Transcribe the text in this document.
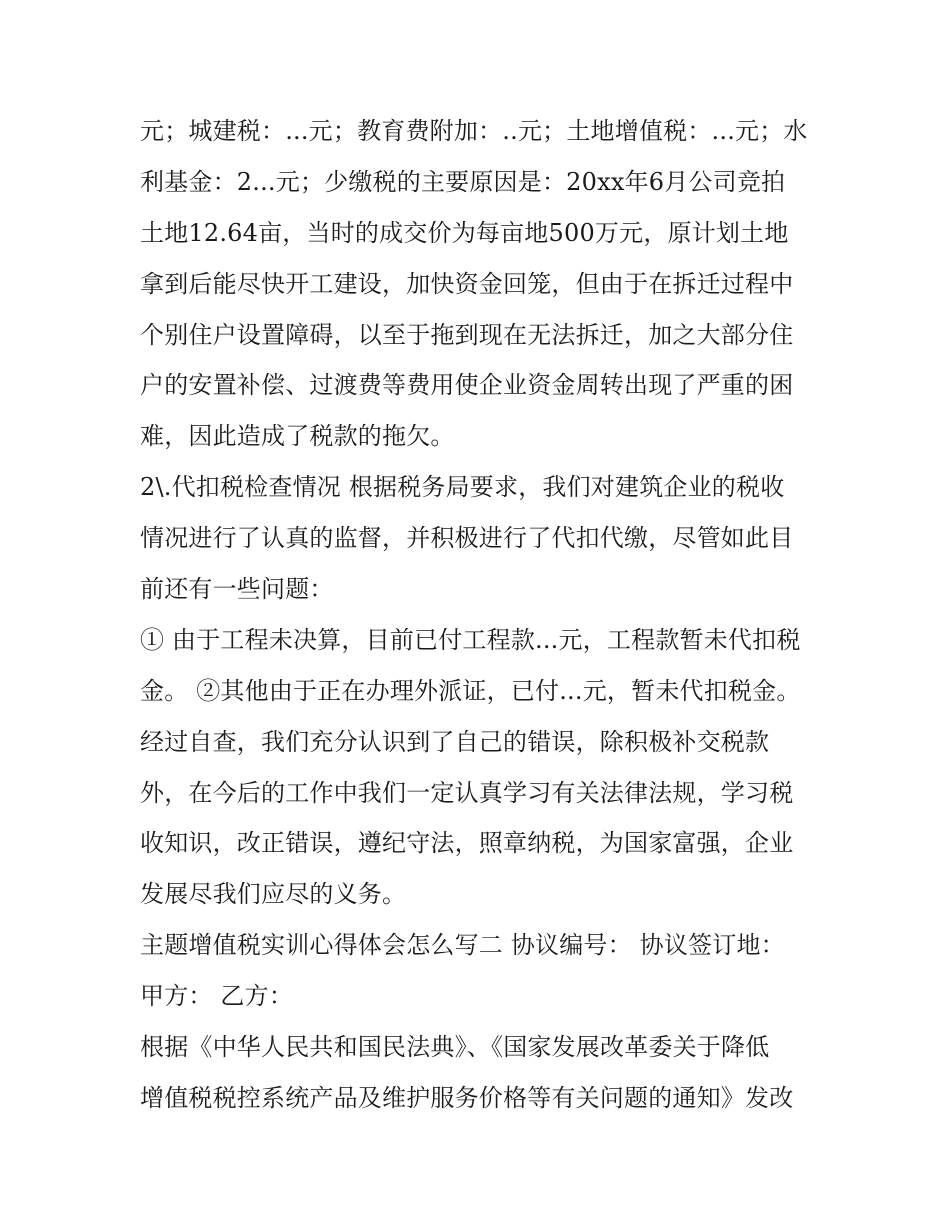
元；城建税：...元；教育费附加：..元；土地增值税：...元；水
利基金：2...元；少缴税的主要原因是：20xx年6月公司竞拍
土地12.64亩，当时的成交价为每亩地500万元，原计划土地
拿到后能尽快开工建设，加快资金回笼，但由于在拆迁过程中
个别住户设置障碍，以至于拖到现在无法拆迁，加之大部分住
户的安置补偿、过渡费等费用使企业资金周转出现了严重的困
难，因此造成了税款的拖欠。
2\.代扣税检查情况 根据税务局要求，我们对建筑企业的税收
情况进行了认真的监督，并积极进行了代扣代缴，尽管如此目
前还有一些问题：
① 由于工程未决算，目前已付工程款...元，工程款暂未代扣税
金。 ②其他由于正在办理外派证，已付...元，暂未代扣税金。
经过自查，我们充分认识到了自己的错误，除积极补交税款
外，在今后的工作中我们一定认真学习有关法律法规，学习税
收知识，改正错误，遵纪守法，照章纳税，为国家富强，企业
发展尽我们应尽的义务。
主题增值税实训心得体会怎么写二 协议编号： 协议签订地：
甲方： 乙方：
根据《中华人民共和国民法典》、《国家发展改革委关于降低
增值税税控系统产品及维护服务价格等有关问题的通知》发改
